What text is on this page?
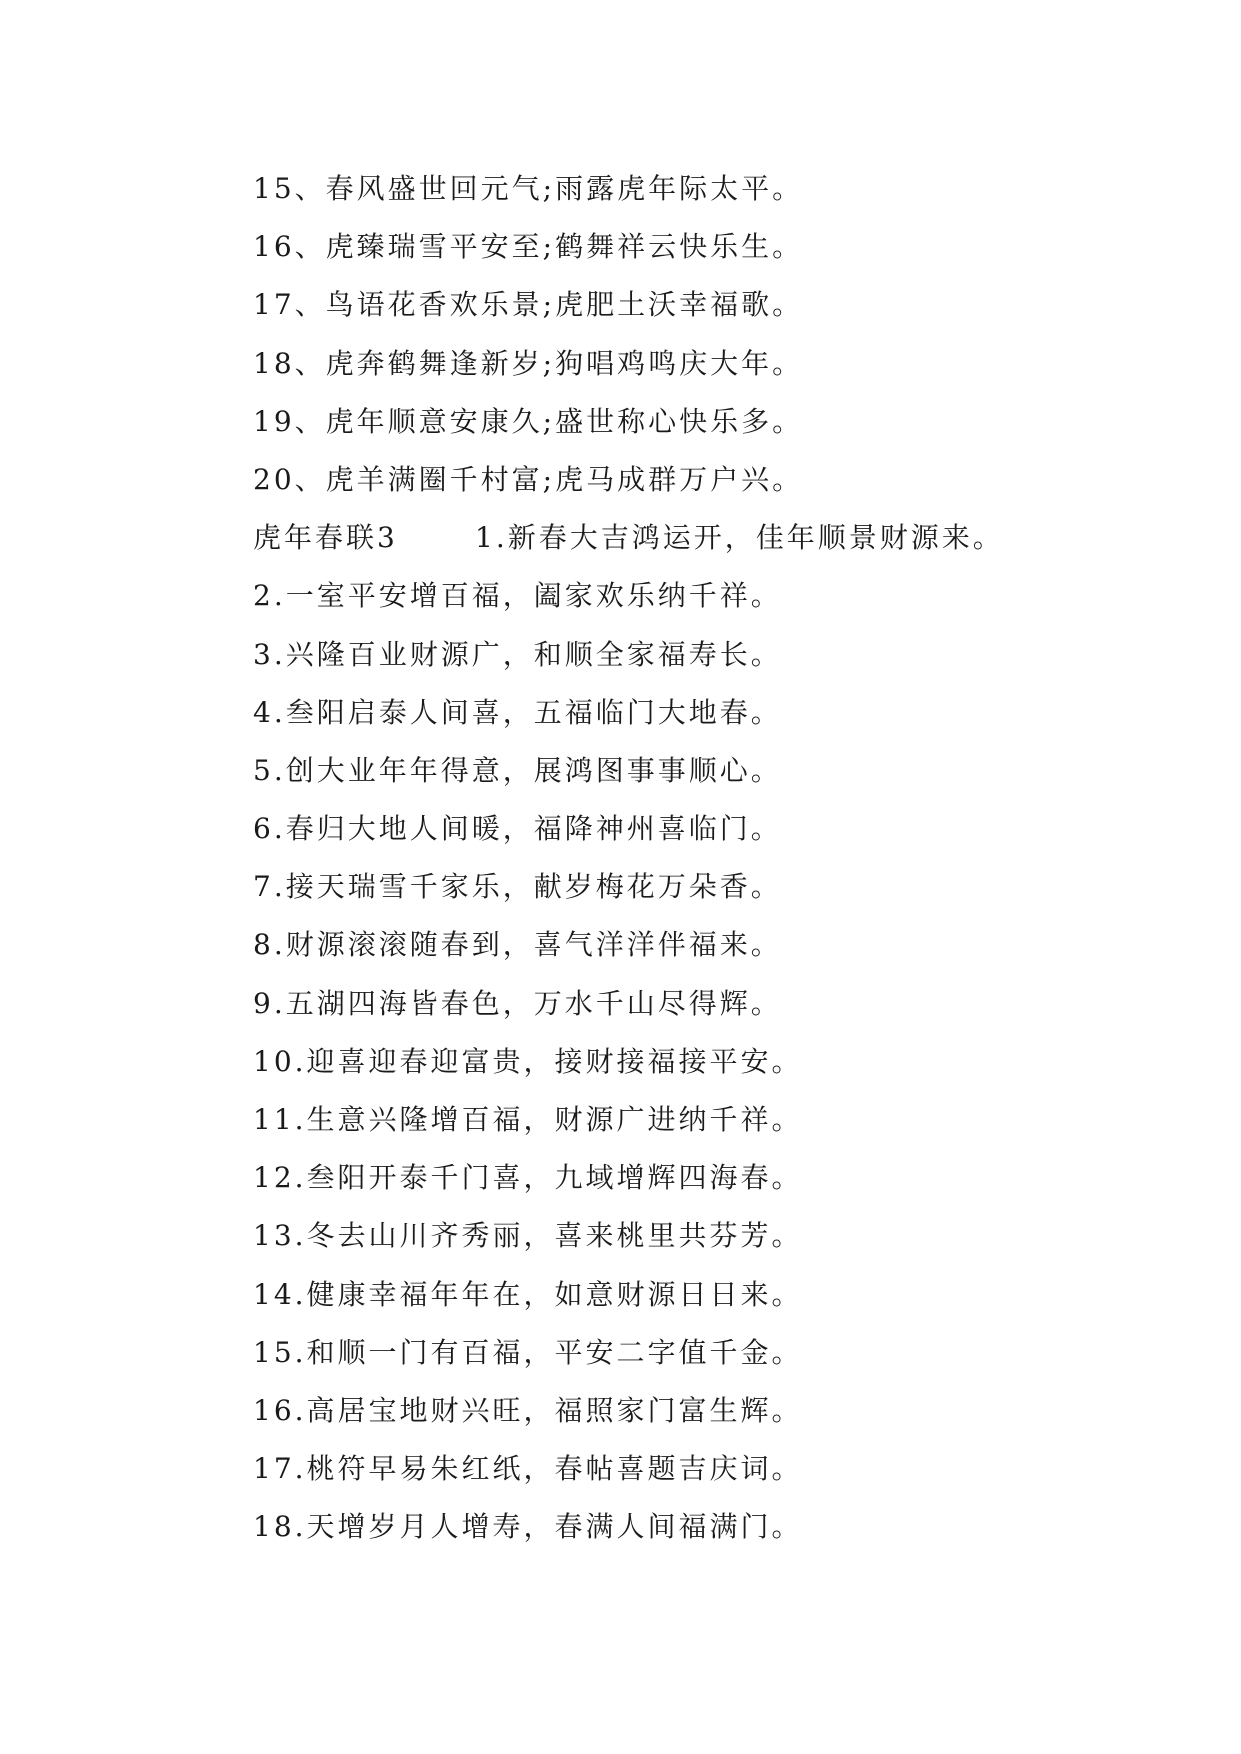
15、春风盛世回元气;雨露虎年际太平。
16、虎臻瑞雪平安至;鹤舞祥云快乐生。
17、鸟语花香欢乐景;虎肥土沃幸福歌。
18、虎奔鹤舞逢新岁;狗唱鸡鸣庆大年。
19、虎年顺意安康久;盛世称心快乐多。
20、虎羊满圈千村富;虎马成群万户兴。
虎年春联3	1.新春大吉鸿运开，佳年顺景财源来。
2.一室平安增百福，阖家欢乐纳千祥。
3.兴隆百业财源广，和顺全家福寿长。
4.叁阳启泰人间喜，五福临门大地春。
5.创大业年年得意，展鸿图事事顺心。
6.春归大地人间暖，福降神州喜临门。
7.接天瑞雪千家乐，献岁梅花万朵香。
8.财源滚滚随春到，喜气洋洋伴福来。
9.五湖四海皆春色，万水千山尽得辉。
10.迎喜迎春迎富贵，接财接福接平安。
11.生意兴隆增百福，财源广进纳千祥。
12.叁阳开泰千门喜，九域增辉四海春。
13.冬去山川齐秀丽，喜来桃里共芬芳。
14.健康幸福年年在，如意财源日日来。
15.和顺一门有百福，平安二字值千金。
16.高居宝地财兴旺，福照家门富生辉。
17.桃符早易朱红纸，春帖喜题吉庆词。
18.天增岁月人增寿，春满人间福满门。
